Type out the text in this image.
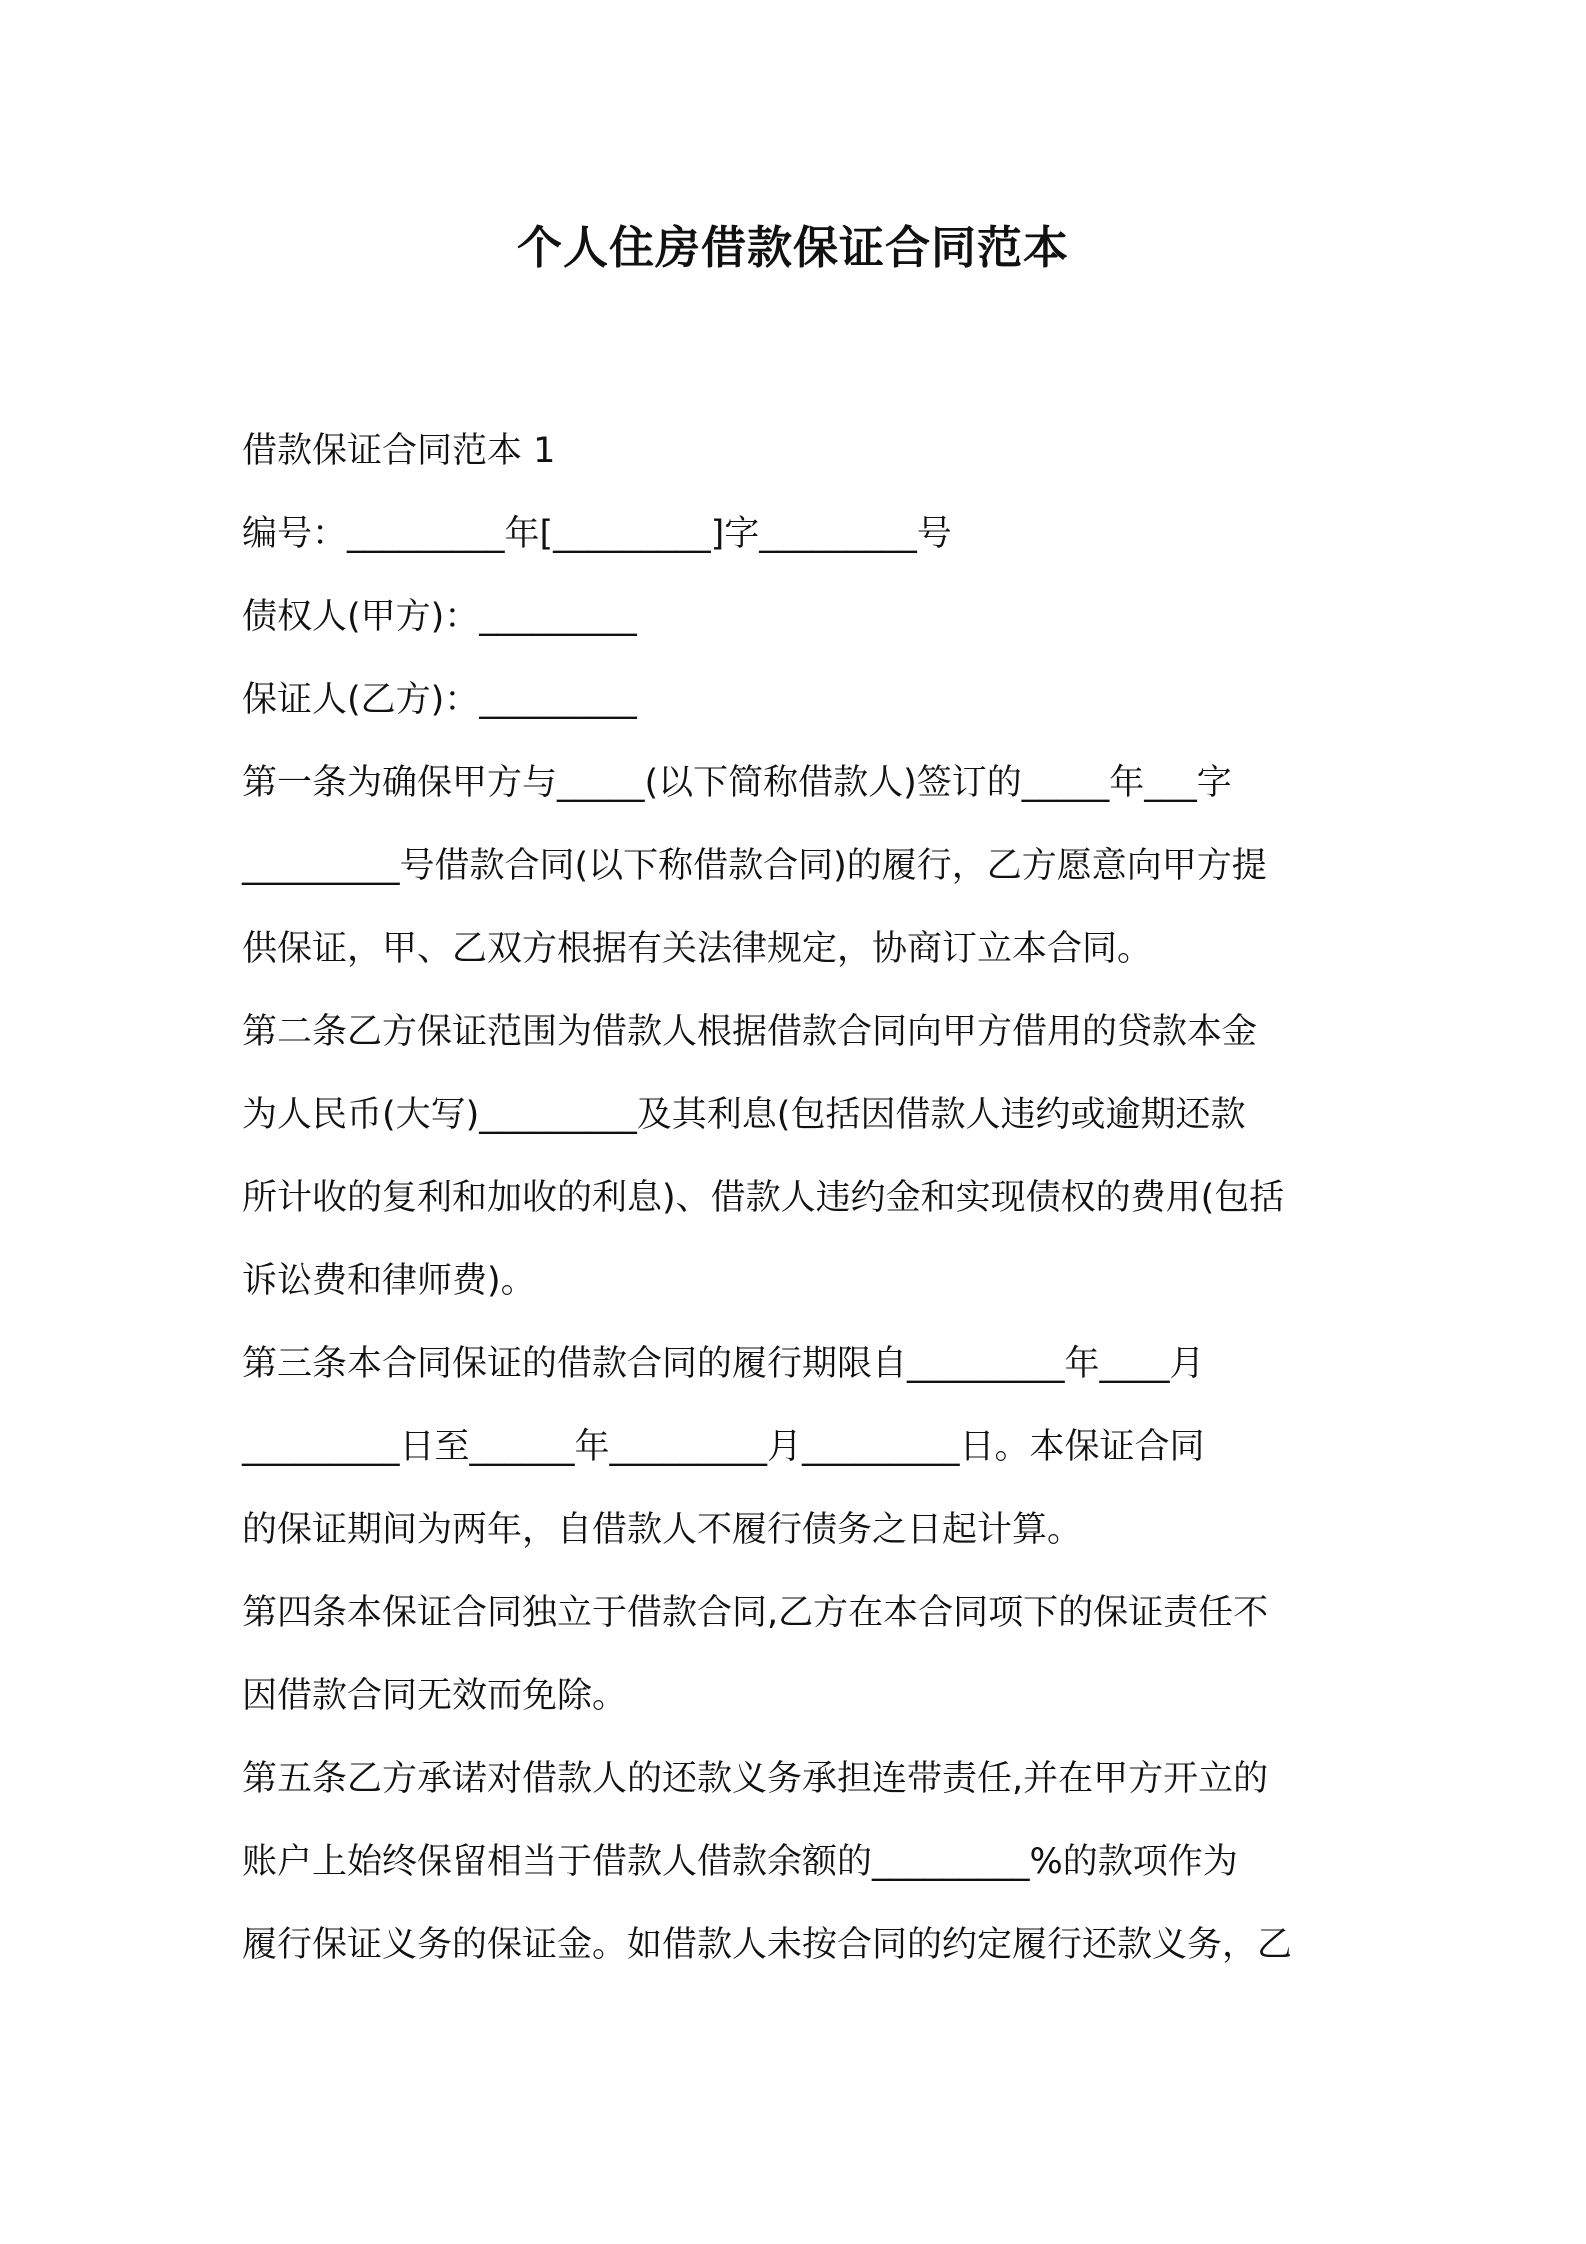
个人住房借款保证合同范本
借款保证合同范本 1
编号：_________年[_________]字_________号
债权人(甲方)：_________
保证人(乙方)：_________
第一条为确保甲方与_____(以下简称借款人)签订的_____年___字
_________号借款合同(以下称借款合同)的履行，乙方愿意向甲方提
供保证，甲、乙双方根据有关法律规定，协商订立本合同。
第二条乙方保证范围为借款人根据借款合同向甲方借用的贷款本金
为人民币(大写)_________及其利息(包括因借款人违约或逾期还款
所计收的复利和加收的利息)、借款人违约金和实现债权的费用(包括
诉讼费和律师费)。
第三条本合同保证的借款合同的履行期限自_________年____月
_________日至______年_________月_________日。本保证合同
的保证期间为两年，自借款人不履行债务之日起计算。
第四条本保证合同独立于借款合同,乙方在本合同项下的保证责任不
因借款合同无效而免除。
第五条乙方承诺对借款人的还款义务承担连带责任,并在甲方开立的
账户上始终保留相当于借款人借款余额的_________%的款项作为
履行保证义务的保证金。如借款人未按合同的约定履行还款义务，乙
